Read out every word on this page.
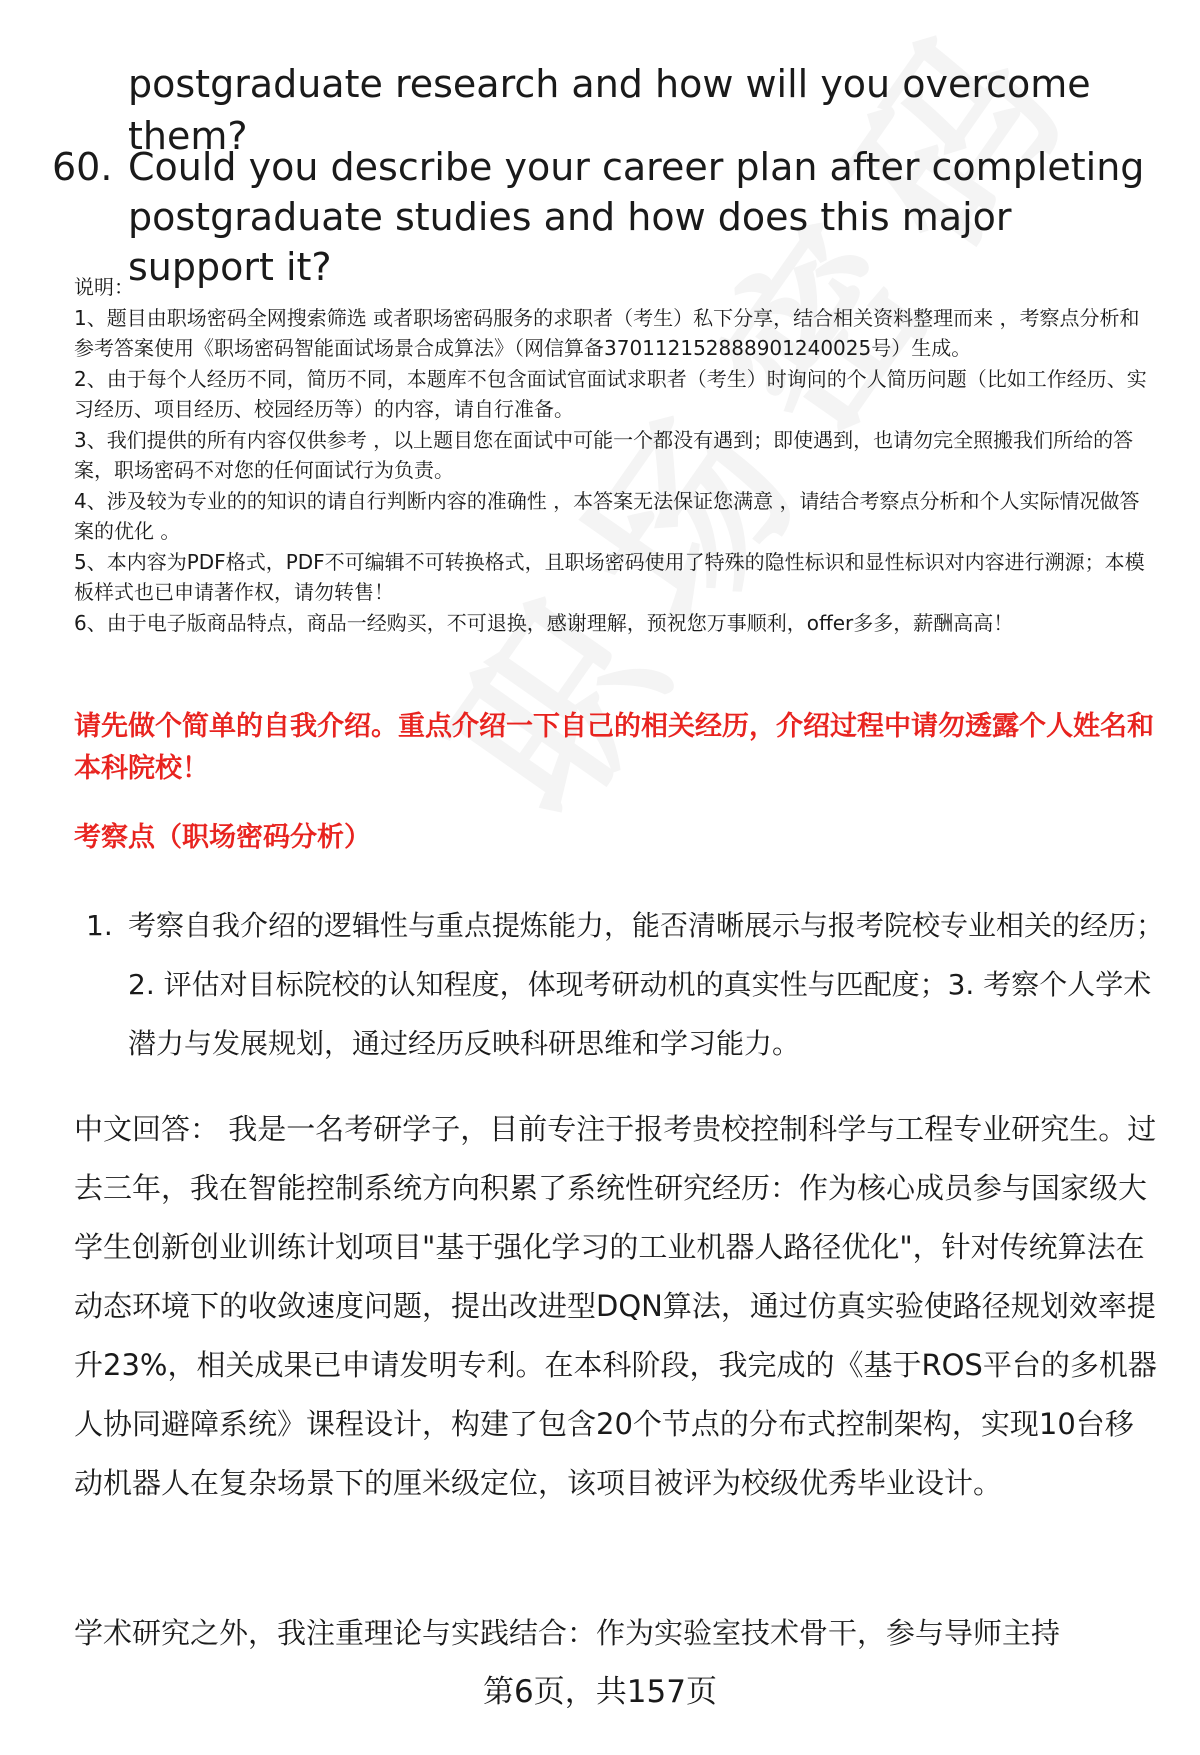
postgraduate research and how will you overcome them?
60. Could you describe your career plan after completing postgraduate studies and how does this major support it?

说明：

1、题目由职场密码全网搜索筛选 或者职场密码服务的求职者（考生）私下分享，结合相关资料整理而来 ，考察点分析和参考答案使用《职场密码智能面试场景合成算法》（网信算备370112152888901240025号）生成。

2、由于每个人经历不同，简历不同，本题库不包含面试官面试求职者（考生）时询问的个人简历问题（比如工作经历、实习经历、项目经历、校园经历等）的内容，请自行准备。

3、我们提供的所有内容仅供参考 ，以上题目您在面试中可能一个都没有遇到；即使遇到，也请勿完全照搬我们所给的答案，职场密码不对您的任何面试行为负责。

4、涉及较为专业的的知识的请自行判断内容的准确性 ，本答案无法保证您满意 ，请结合考察点分析和个人实际情况做答案的优化 。

5、本内容为PDF格式，PDF不可编辑不可转换格式，且职场密码使用了特殊的隐性标识和显性标识对内容进行溯源；本模板样式也已申请著作权，请勿转售！

6、由于电子版商品特点，商品一经购买，不可退换，感谢理解，预祝您万事顺利，offer多多，薪酬高高！

请先做个简单的自我介绍。重点介绍一下自己的相关经历，介绍过程中请勿透露个人姓名和本科院校！
考察点（职场密码分析）
1. 考察自我介绍的逻辑性与重点提炼能力，能否清晰展示与报考院校专业相关的经历；2. 评估对目标院校的认知程度，体现考研动机的真实性与匹配度；3. 考察个人学术潜力与发展规划，通过经历反映科研思维和学习能力。

中文回答： 我是一名考研学子，目前专注于报考贵校控制科学与工程专业研究生。过去三年，我在智能控制系统方向积累了系统性研究经历：作为核心成员参与国家级大学生创新创业训练计划项目"基于强化学习的工业机器人路径优化"，针对传统算法在动态环境下的收敛速度问题，提出改进型DQN算法，通过仿真实验使路径规划效率提升23%，相关成果已申请发明专利。在本科阶段，我完成的《基于ROS平台的多机器人协同避障系统》课程设计，构建了包含20个节点的分布式控制架构，实现10台移动机器人在复杂场景下的厘米级定位，该项目被评为校级优秀毕业设计。

学术研究之外，我注重理论与实践结合：作为实验室技术骨干，参与导师主持
第6页，共157页
